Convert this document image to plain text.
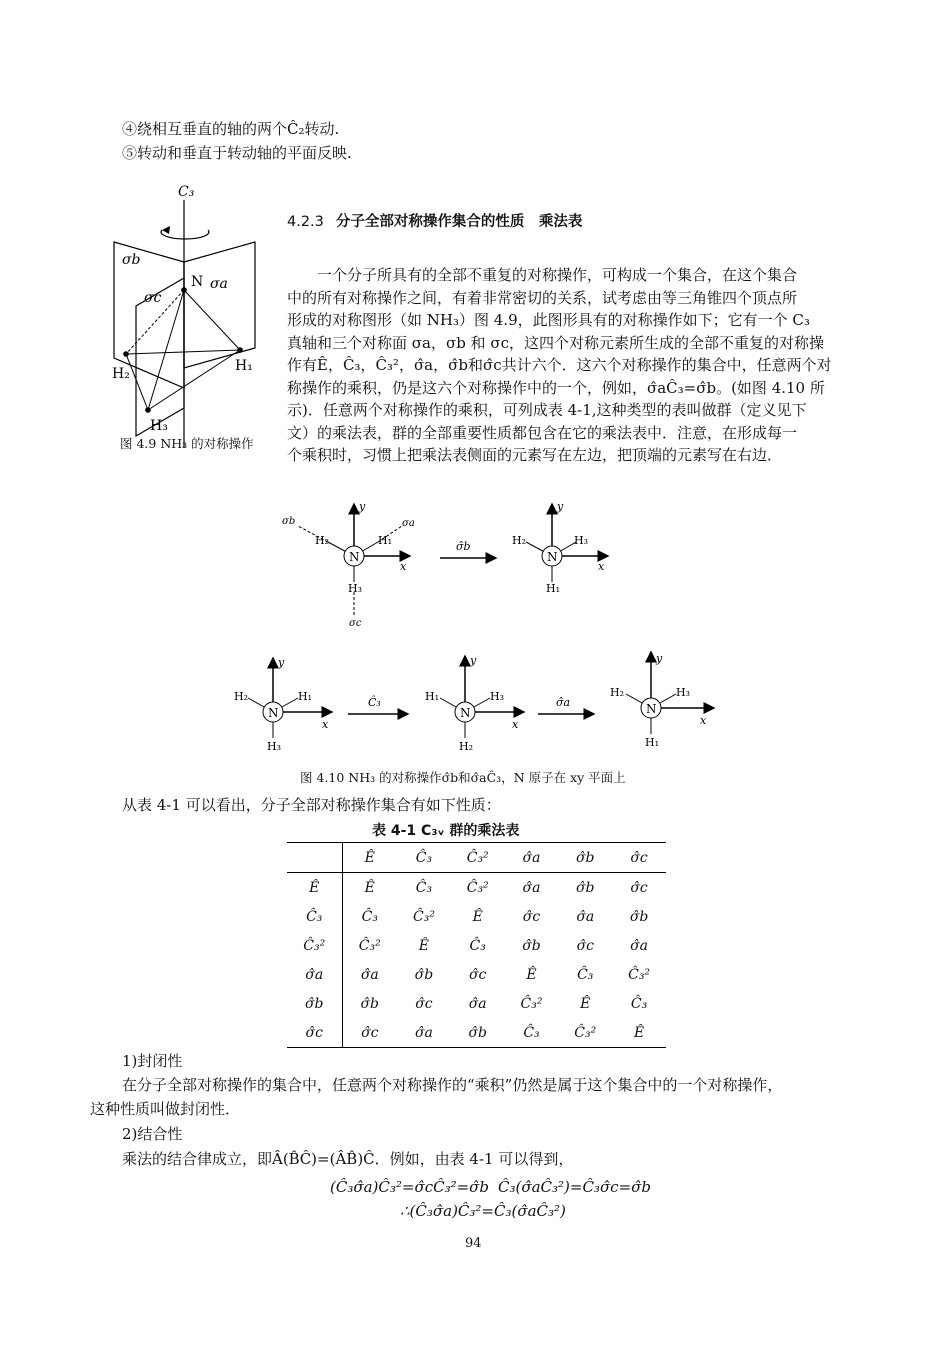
④绕相互垂直的轴的两个Ĉ₂转动.
⑤转动和垂直于转动轴的平面反映.
C₃
σb
σc
σa
N
H₁
H₂
H₃
图 4.9 NH₃ 的对称操作
4.2.3 分子全部对称操作集合的性质　乘法表
一个分子所具有的全部不重复的对称操作，可构成一个集合，在这个集合
中的所有对称操作之间，有着非常密切的关系，试考虑由等三角锥四个顶点所
形成的对称图形（如 NH₃）图 4.9，此图形具有的对称操作如下；它有一个 C₃
真轴和三个对称面 σa，σb 和 σc，这四个对称元素所生成的全部不重复的对称操
作有Ê，Ĉ₃，Ĉ₃²，σ̂a，σ̂b和σ̂c共计六个．这六个对称操作的集合中，任意两个对
称操作的乘积，仍是这六个对称操作中的一个，例如，σ̂aĈ₃=σ̂b。(如图 4.10 所
示)．任意两个对称操作的乘积，可列成表 4-1,这种类型的表叫做群（定义见下
文）的乘法表，群的全部重要性质都包含在它的乘法表中．注意，在形成每一
个乘积时，习惯上把乘法表侧面的元素写在左边，把顶端的元素写在右边．
N
y
x
H₂	H₁
H₃
σb	σa
σc
σ̂b
N
y
x
H₂	H₃
H₁
N
y
x
H₂	H₁
H₃
Ĉ₃
N
y
x
H₁	H₃
H₂
σ̂a	N
y
x
H₂	H₃
H₁
图 4.10 NH₃ 的对称操作σ̂b和σ̂aĈ₃，N 原子在 xy 平面上
从表 4-1 可以看出，分子全部对称操作集合有如下性质：
表 4-1 C₃ᵥ 群的乘法表
	Ê	Ĉ₃	Ĉ₃²	σ̂a	σ̂b	σ̂c
Ê	Ê	Ĉ₃	Ĉ₃²	σ̂a	σ̂b	σ̂c
Ĉ₃	Ĉ₃	Ĉ₃²	Ê	σ̂c	σ̂a	σ̂b
Ĉ₃²	Ĉ₃²	Ê	Ĉ₃	σ̂b	σ̂c	σ̂a
σ̂a	σ̂a	σ̂b	σ̂c	Ê	Ĉ₃	Ĉ₃²
σ̂b	σ̂b	σ̂c	σ̂a	Ĉ₃²	Ê	Ĉ₃
σ̂c	σ̂c	σ̂a	σ̂b	Ĉ₃	Ĉ₃²	Ê
1)封闭性
在分子全部对称操作的集合中，任意两个对称操作的“乘积”仍然是属于这个集合中的一个对称操作，
这种性质叫做封闭性．
2)结合性
乘法的结合律成立，即Â(B̂Ĉ)=(ÂB̂)Ĉ．例如，由表 4-1 可以得到，
(Ĉ₃σ̂a)Ĉ₃²=σ̂cĈ₃²=σ̂b Ĉ₃(σ̂aĈ₃²)=Ĉ₃σ̂c=σ̂b
∴(Ĉ₃σ̂a)Ĉ₃²=Ĉ₃(σ̂aĈ₃²)
94
